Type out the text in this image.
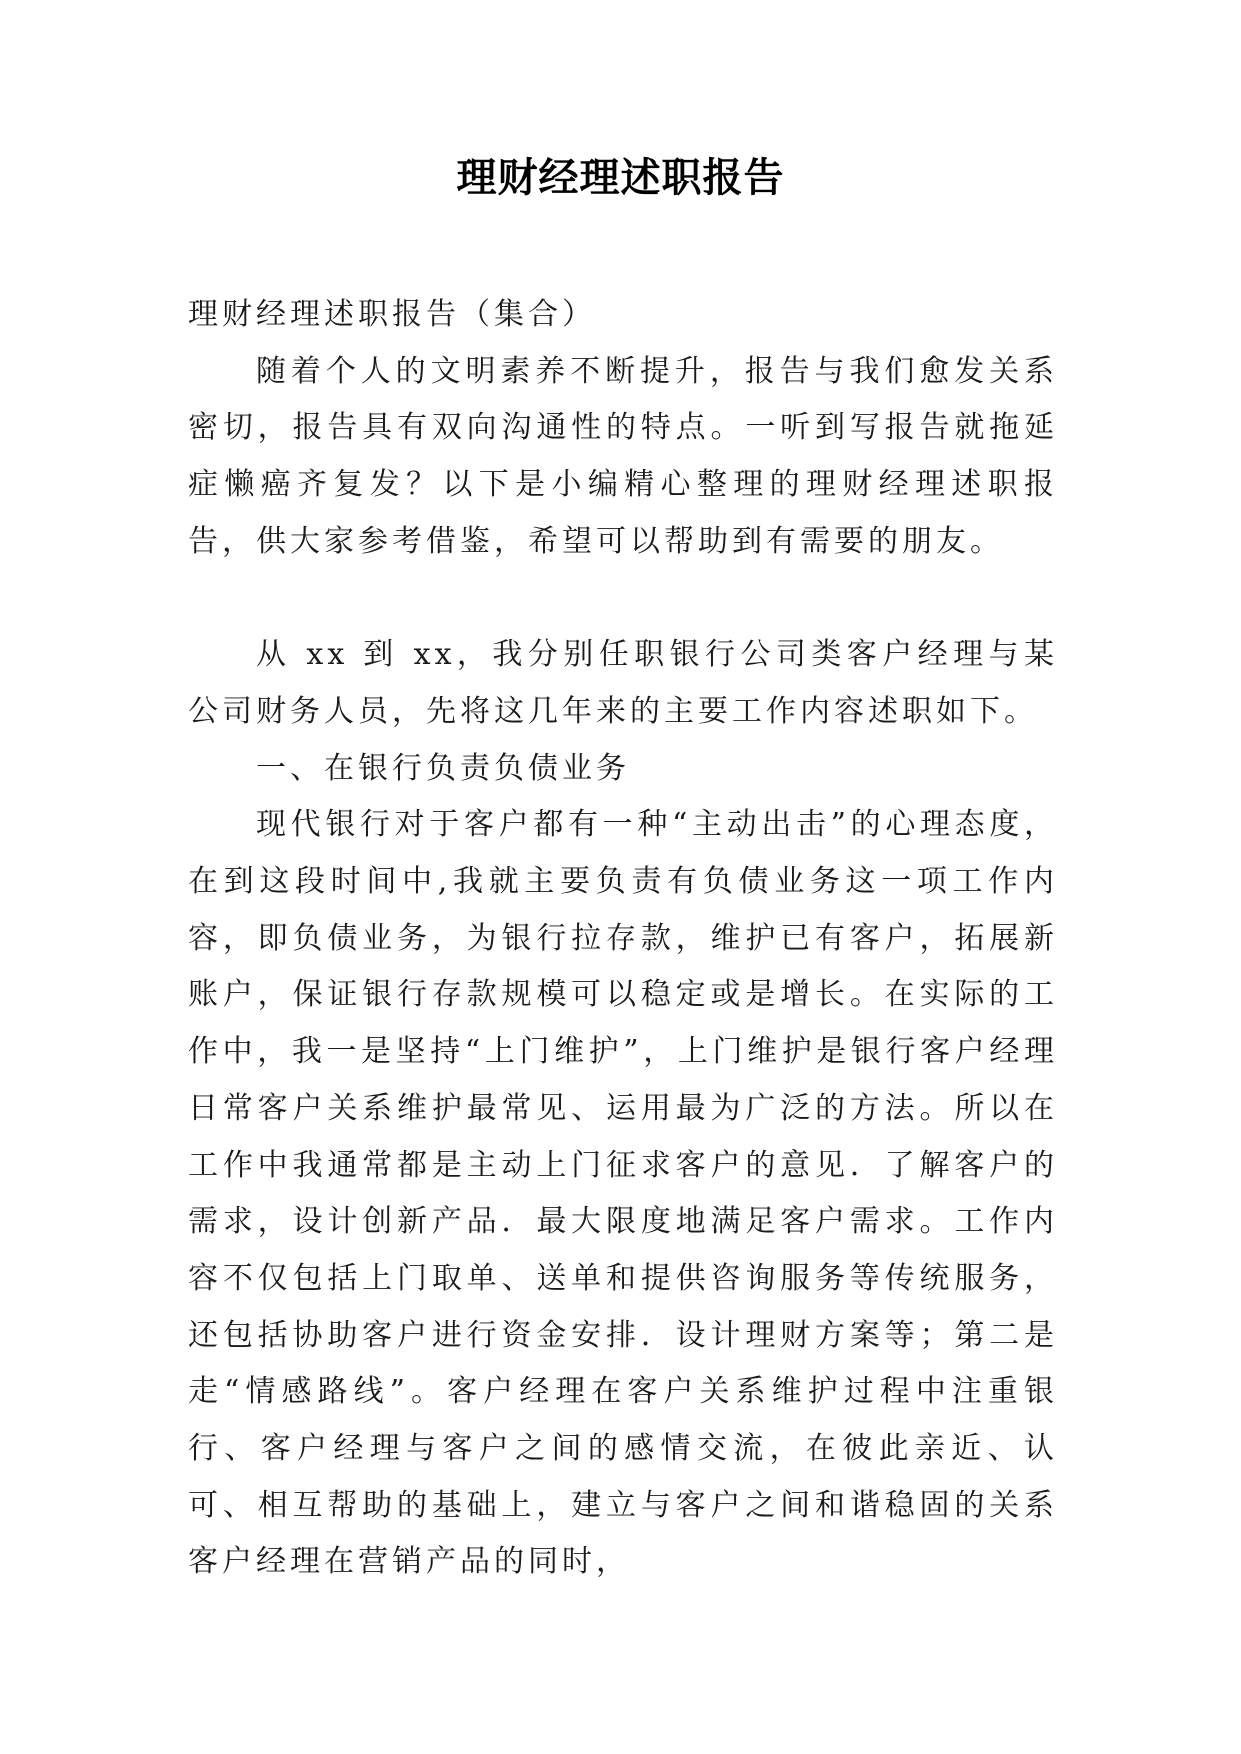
理财经理述职报告

理财经理述职报告（集合）

随着个人的文明素养不断提升，报告与我们愈发关系密切，报告具有双向沟通性的特点。一听到写报告就拖延症懒癌齐复发？以下是小编精心整理的理财经理述职报告，供大家参考借鉴，希望可以帮助到有需要的朋友。

从 xx 到 xx，我分别任职银行公司类客户经理与某公司财务人员，先将这几年来的主要工作内容述职如下。

一、在银行负责负债业务

现代银行对于客户都有一种“主动出击”的心理态度，在到这段时间中,我就主要负责有负债业务这一项工作内容，即负债业务，为银行拉存款，维护已有客户，拓展新账户，保证银行存款规模可以稳定或是增长。在实际的工作中，我一是坚持“上门维护”，上门维护是银行客户经理日常客户关系维护最常见、运用最为广泛的方法。所以在工作中我通常都是主动上门征求客户的意见．了解客户的需求，设计创新产品．最大限度地满足客户需求。工作内容不仅包括上门取单、送单和提供咨询服务等传统服务，还包括协助客户进行资金安排．设计理财方案等；第二是走“情感路线”。客户经理在客户关系维护过程中注重银行、客户经理与客户之间的感情交流，在彼此亲近、认可、相互帮助的基础上，建立与客户之间和谐稳固的关系客户经理在营销产品的同时，
